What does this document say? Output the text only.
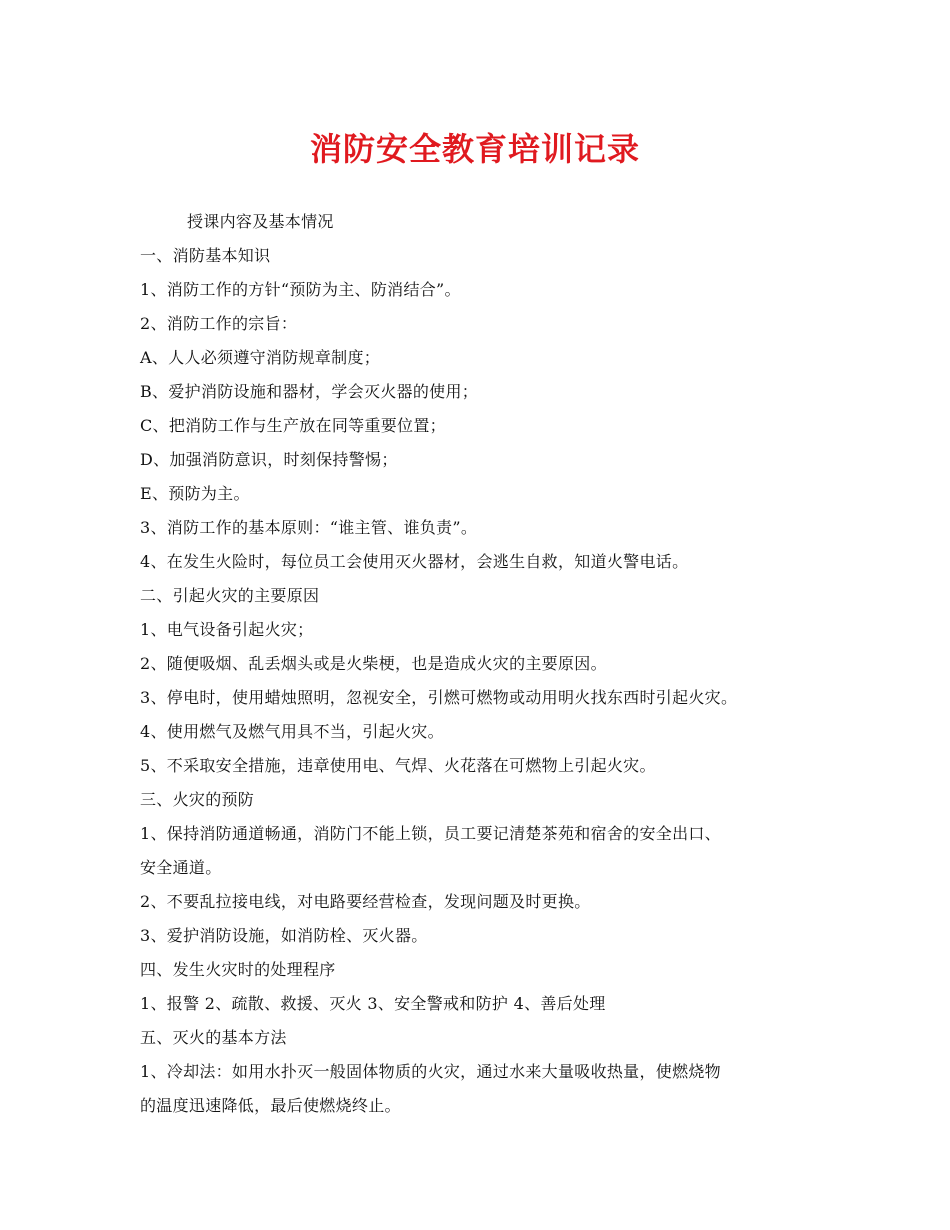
消防安全教育培训记录
授课内容及基本情况
一、消防基本知识
1、消防工作的方针“预防为主、防消结合”。
2、消防工作的宗旨：
A、人人必须遵守消防规章制度；
B、爱护消防设施和器材，学会灭火器的使用；
C、把消防工作与生产放在同等重要位置；
D、加强消防意识，时刻保持警惕；
E、预防为主。
3、消防工作的基本原则：“谁主管、谁负责”。
4、在发生火险时，每位员工会使用灭火器材，会逃生自救，知道火警电话。
二、引起火灾的主要原因
1、电气设备引起火灾；
2、随便吸烟、乱丢烟头或是火柴梗，也是造成火灾的主要原因。
3、停电时，使用蜡烛照明，忽视安全，引燃可燃物或动用明火找东西时引起火灾。
4、使用燃气及燃气用具不当，引起火灾。
5、不采取安全措施，违章使用电、气焊、火花落在可燃物上引起火灾。
三、火灾的预防
1、保持消防通道畅通，消防门不能上锁，员工要记清楚茶苑和宿舍的安全出口、
安全通道。
2、不要乱拉接电线，对电路要经营检查，发现问题及时更换。
3、爱护消防设施，如消防栓、灭火器。
四、发生火灾时的处理程序
1、报警 2、疏散、救援、灭火 3、安全警戒和防护 4、善后处理
五、灭火的基本方法
1、冷却法：如用水扑灭一般固体物质的火灾，通过水来大量吸收热量，使燃烧物
的温度迅速降低，最后使燃烧终止。
